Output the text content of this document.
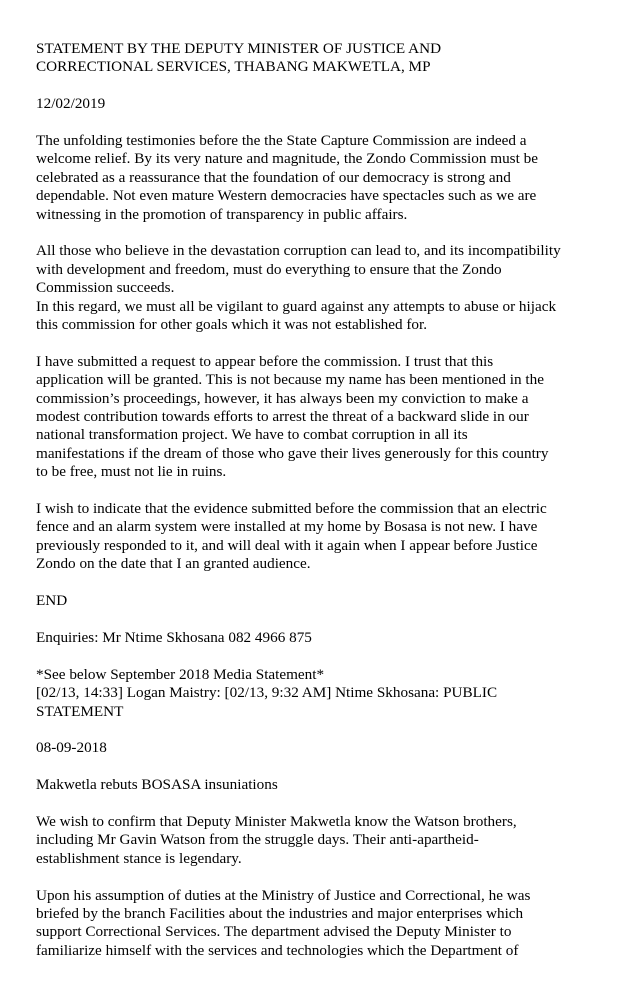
STATEMENT BY THE DEPUTY MINISTER OF JUSTICE AND
CORRECTIONAL SERVICES, THABANG MAKWETLA, MP

12/02/2019

The unfolding testimonies before the the State Capture Commission are indeed a
welcome relief. By its very nature and magnitude, the Zondo Commission must be
celebrated as a reassurance that the foundation of our democracy is strong and
dependable. Not even mature Western democracies have spectacles such as we are
witnessing in the promotion of transparency in public affairs.

All those who believe in the devastation corruption can lead to, and its incompatibility
with development and freedom, must do everything to ensure that the Zondo
Commission succeeds.
In this regard, we must all be vigilant to guard against any attempts to abuse or hijack
this commission for other goals which it was not established for.

I have submitted a request to appear before the commission. I trust that this
application will be granted. This is not because my name has been mentioned in the
commission’s proceedings, however, it has always been my conviction to make a
modest contribution towards efforts to arrest the threat of a backward slide in our
national transformation project. We have to combat corruption in all its
manifestations if the dream of those who gave their lives generously for this country
to be free, must not lie in ruins.

I wish to indicate that the evidence submitted before the commission that an electric
fence and an alarm system were installed at my home by Bosasa is not new. I have
previously responded to it, and will deal with it again when I appear before Justice
Zondo on the date that I an granted audience.

END

Enquiries: Mr Ntime Skhosana 082 4966 875

*See below September 2018 Media Statement*
[02/13, 14:33] Logan Maistry: [02/13, 9:32 AM] Ntime Skhosana: PUBLIC
STATEMENT

08-09-2018

Makwetla rebuts BOSASA insuniations

We wish to confirm that Deputy Minister Makwetla know the Watson brothers,
including Mr Gavin Watson from the struggle days. Their anti-apartheid-
establishment stance is legendary.

Upon his assumption of duties at the Ministry of Justice and Correctional, he was
briefed by the branch Facilities about the industries and major enterprises which
support Correctional Services. The department advised the Deputy Minister to
familiarize himself with the services and technologies which the Department of
